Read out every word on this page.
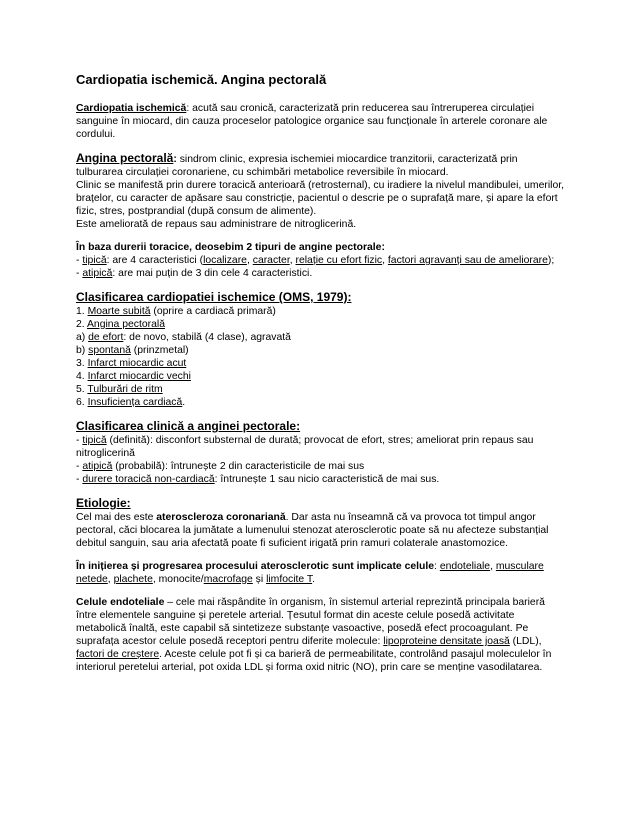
Cardiopatia ischemică. Angina pectorală

Cardiopatia ischemică: acută sau cronică, caracterizată prin reducerea sau întreruperea circulației sanguine în miocard, din cauza proceselor patologice organice sau funcționale în arterele coronare ale cordului.

Angina pectorală: sindrom clinic, expresia ischemiei miocardice tranzitorii, caracterizată prin tulburarea circulației coronariene, cu schimbări metabolice reversibile în miocard.

Clinic se manifestă prin durere toracică anterioară (retrosternal), cu iradiere la nivelul mandibulei, umerilor, brațelor, cu caracter de apăsare sau constricție, pacientul o descrie pe o suprafață mare, și apare la efort fizic, stres, postprandial (după consum de alimente).

Este ameliorată de repaus sau administrare de nitroglicerină.

În baza durerii toracice, deosebim 2 tipuri de angine pectorale:

- tipică: are 4 caracteristici (localizare, caracter, relație cu efort fizic, factori agravanți sau de ameliorare);

- atipică: are mai puțin de 3 din cele 4 caracteristici.

Clasificarea cardiopatiei ischemice (OMS, 1979):

1. Moarte subită (oprire a cardiacă primară)

2. Angina pectorală

a) de efort: de novo, stabilă (4 clase), agravată

b) spontană (prinzmetal)

3. Infarct miocardic acut

4. Infarct miocardic vechi

5. Tulburări de ritm

6. Insuficiența cardiacă.

Clasificarea clinică a anginei pectorale:

- tipică (definită): disconfort substernal de durată; provocat de efort, stres; ameliorat prin repaus sau nitroglicerină

- atipică (probabilă): întrunește 2 din caracteristicile de mai sus

- durere toracică non-cardiacă: întrunește 1 sau nicio caracteristică de mai sus.

Etiologie:

Cel mai des este ateroscleroza coronariană. Dar asta nu înseamnă că va provoca tot timpul angor pectoral, căci blocarea la jumătate a lumenului stenozat aterosclerotic poate să nu afecteze substanțial debitul sanguin, sau aria afectată poate fi suficient irigată prin ramuri colaterale anastomozice.

În inițierea și progresarea procesului aterosclerotic sunt implicate celule: endoteliale, musculare netede, plachete, monocite/macrofage și limfocite T.

Celule endoteliale – cele mai răspândite în organism, în sistemul arterial reprezintă principala barieră între elementele sanguine și peretele arterial. Țesutul format din aceste celule posedă activitate metabolică înaltă, este capabil să sintetizeze substanțe vasoactive, posedă efect procoagulant. Pe suprafața acestor celule posedă receptori pentru diferite molecule: lipoproteine densitate joasă (LDL), factori de creștere. Aceste celule pot fi și ca barieră de permeabilitate, controlând pasajul moleculelor în interiorul peretelui arterial, pot oxida LDL și forma oxid nitric (NO), prin care se menține vasodilatarea.
